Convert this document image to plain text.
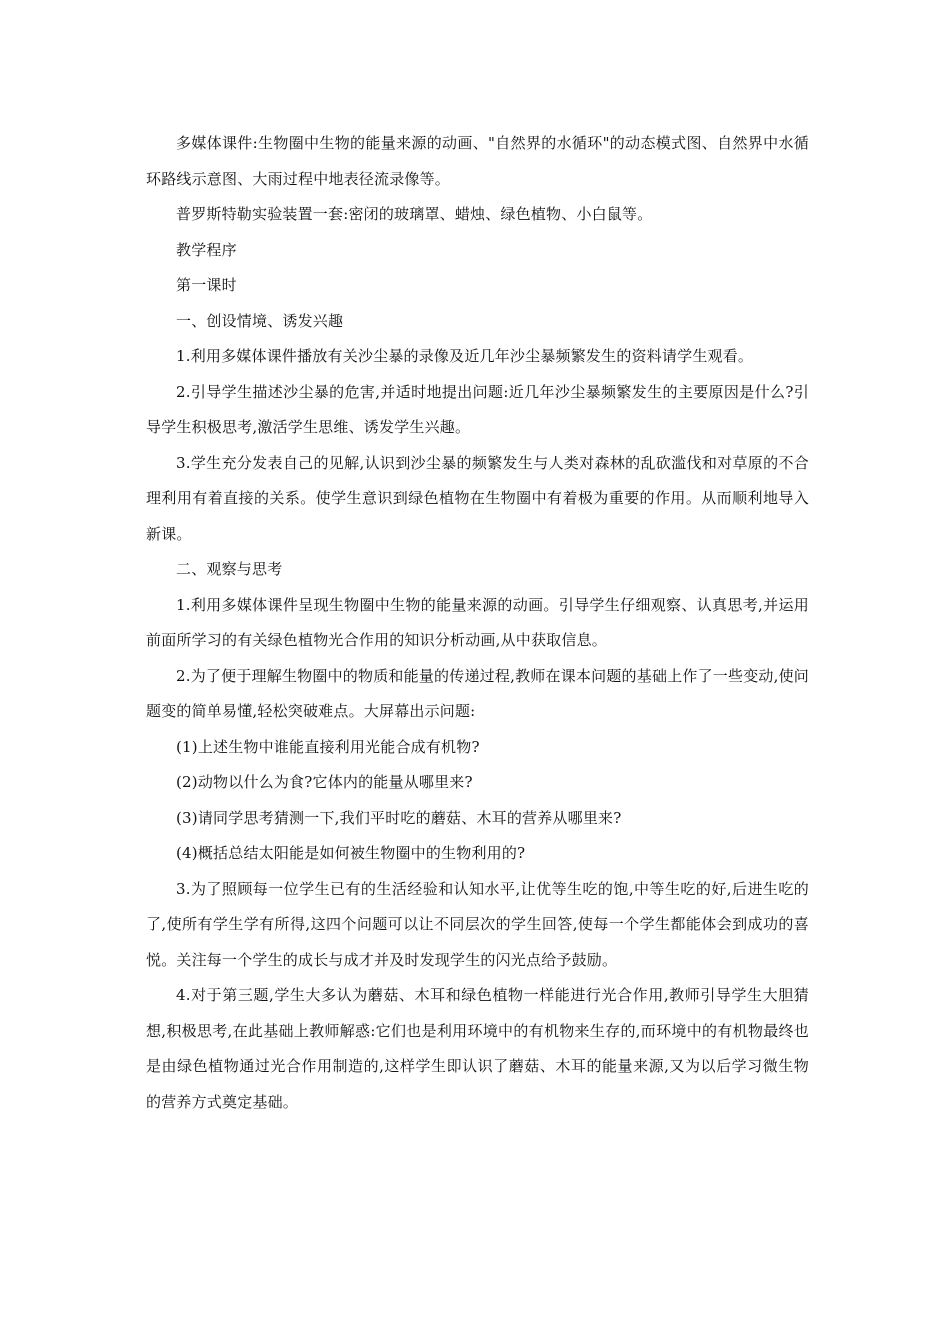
多媒体课件:生物圈中生物的能量来源的动画、"自然界的水循环"的动态模式图、自然界中水循环路线示意图、大雨过程中地表径流录像等。

普罗斯特勒实验装置一套:密闭的玻璃罩、蜡烛、绿色植物、小白鼠等。

教学程序

第一课时

一、创设情境、诱发兴趣

1.利用多媒体课件播放有关沙尘暴的录像及近几年沙尘暴频繁发生的资料请学生观看。

2.引导学生描述沙尘暴的危害,并适时地提出问题:近几年沙尘暴频繁发生的主要原因是什么?引导学生积极思考,激活学生思维、诱发学生兴趣。

3.学生充分发表自己的见解,认识到沙尘暴的频繁发生与人类对森林的乱砍滥伐和对草原的不合理利用有着直接的关系。使学生意识到绿色植物在生物圈中有着极为重要的作用。从而顺利地导入新课。

二、观察与思考

1.利用多媒体课件呈现生物圈中生物的能量来源的动画。引导学生仔细观察、认真思考,并运用前面所学习的有关绿色植物光合作用的知识分析动画,从中获取信息。

2.为了便于理解生物圈中的物质和能量的传递过程,教师在课本问题的基础上作了一些变动,使问题变的简单易懂,轻松突破难点。大屏幕出示问题:

(1)上述生物中谁能直接利用光能合成有机物?

(2)动物以什么为食?它体内的能量从哪里来?

(3)请同学思考猜测一下,我们平时吃的蘑菇、木耳的营养从哪里来?

(4)概括总结太阳能是如何被生物圈中的生物利用的?

3.为了照顾每一位学生已有的生活经验和认知水平,让优等生吃的饱,中等生吃的好,后进生吃的了,使所有学生学有所得,这四个问题可以让不同层次的学生回答,使每一个学生都能体会到成功的喜悦。关注每一个学生的成长与成才并及时发现学生的闪光点给予鼓励。

4.对于第三题,学生大多认为蘑菇、木耳和绿色植物一样能进行光合作用,教师引导学生大胆猜想,积极思考,在此基础上教师解惑:它们也是利用环境中的有机物来生存的,而环境中的有机物最终也是由绿色植物通过光合作用制造的,这样学生即认识了蘑菇、木耳的能量来源,又为以后学习微生物的营养方式奠定基础。
